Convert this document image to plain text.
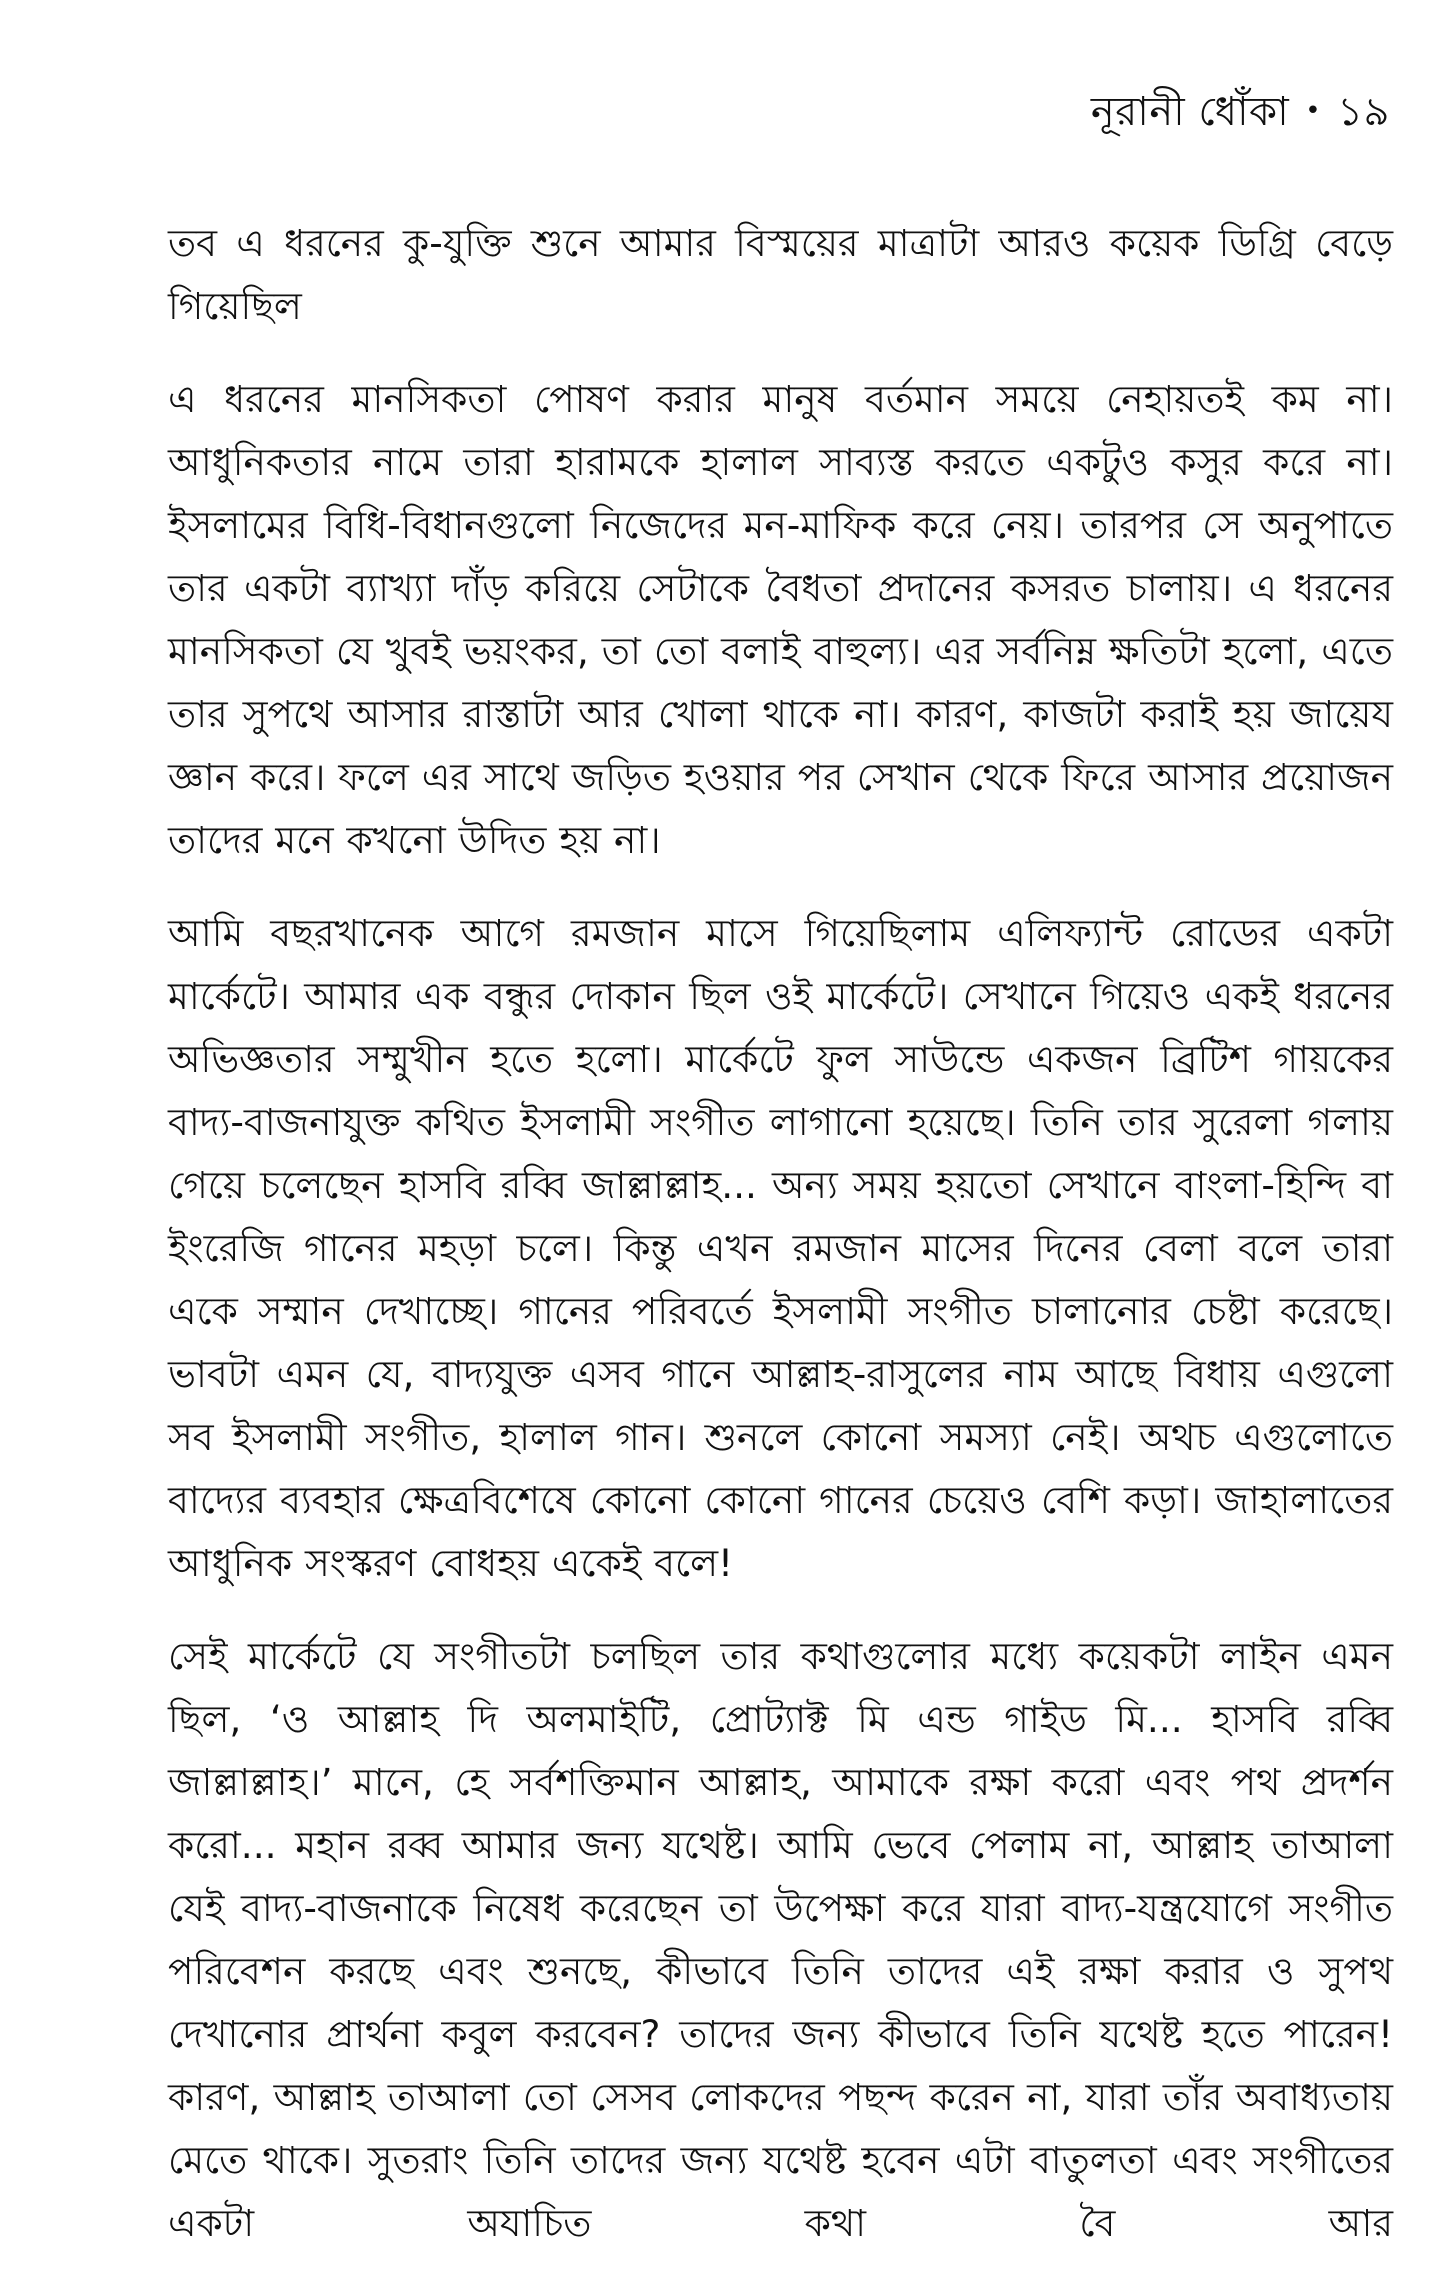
নূরানী ধোঁকা • ১৯

তব এ ধরনের কু-যুক্তি শুনে আমার বিস্ময়ের মাত্রাটা আরও কয়েক ডিগ্রি বেড়ে গিয়েছিল

এ ধরনের মানসিকতা পোষণ করার মানুষ বর্তমান সময়ে নেহায়তই কম না। আধুনিকতার নামে তারা হারামকে হালাল সাব্যস্ত করতে একটুও কসুর করে না। ইসলামের বিধি-বিধানগুলো নিজেদের মন-মাফিক করে নেয়। তারপর সে অনুপাতে তার একটা ব্যাখ্যা দাঁড় করিয়ে সেটাকে বৈধতা প্রদানের কসরত চালায়। এ ধরনের মানসিকতা যে খুবই ভয়ংকর, তা তো বলাই বাহুল্য। এর সর্বনিম্ন ক্ষতিটা হলো, এতে তার সুপথে আসার রাস্তাটা আর খোলা থাকে না। কারণ, কাজটা করাই হয় জায়েয জ্ঞান করে। ফলে এর সাথে জড়িত হওয়ার পর সেখান থেকে ফিরে আসার প্রয়োজন তাদের মনে কখনো উদিত হয় না।

আমি বছরখানেক আগে রমজান মাসে গিয়েছিলাম এলিফ্যান্ট রোডের একটা মার্কেটে। আমার এক বন্ধুর দোকান ছিল ওই মার্কেটে। সেখানে গিয়েও একই ধরনের অভিজ্ঞতার সম্মুখীন হতে হলো। মার্কেটে ফুল সাউন্ডে একজন ব্রিটিশ গায়কের বাদ্য-বাজনাযুক্ত কথিত ইসলামী সংগীত লাগানো হয়েছে। তিনি তার সুরেলা গলায় গেয়ে চলেছেন হাসবি রব্বি জাল্লাল্লাহ... অন্য সময় হয়তো সেখানে বাংলা-হিন্দি বা ইংরেজি গানের মহড়া চলে। কিন্তু এখন রমজান মাসের দিনের বেলা বলে তারা একে সম্মান দেখাচ্ছে। গানের পরিবর্তে ইসলামী সংগীত চালানোর চেষ্টা করেছে। ভাবটা এমন যে, বাদ্যযুক্ত এসব গানে আল্লাহ-রাসুলের নাম আছে বিধায় এগুলো সব ইসলামী সংগীত, হালাল গান। শুনলে কোনো সমস্যা নেই। অথচ এগুলোতে বাদ্যের ব্যবহার ক্ষেত্রবিশেষে কোনো কোনো গানের চেয়েও বেশি কড়া। জাহালাতের আধুনিক সংস্করণ বোধহয় একেই বলে!

সেই মার্কেটে যে সংগীতটা চলছিল তার কথাগুলোর মধ্যে কয়েকটা লাইন এমন ছিল, ‘ও আল্লাহ দি অলমাইটি, প্রোট্যাক্ট মি এন্ড গাইড মি... হাসবি রব্বি জাল্লাল্লাহ।’ মানে, হে সর্বশক্তিমান আল্লাহ, আমাকে রক্ষা করো এবং পথ প্রদর্শন করো... মহান রব্ব আমার জন্য যথেষ্ট। আমি ভেবে পেলাম না, আল্লাহ তাআলা যেই বাদ্য-বাজনাকে নিষেধ করেছেন তা উপেক্ষা করে যারা বাদ্য-যন্ত্রযোগে সংগীত পরিবেশন করছে এবং শুনছে, কীভাবে তিনি তাদের এই রক্ষা করার ও সুপথ দেখানোর প্রার্থনা কবুল করবেন? তাদের জন্য কীভাবে তিনি যথেষ্ট হতে পারেন! কারণ, আল্লাহ তাআলা তো সেসব লোকদের পছন্দ করেন না, যারা তাঁর অবাধ্যতায় মেতে থাকে। সুতরাং তিনি তাদের জন্য যথেষ্ট হবেন এটা বাতুলতা এবং সংগীতের একটা অযাচিত কথা বৈ আর
